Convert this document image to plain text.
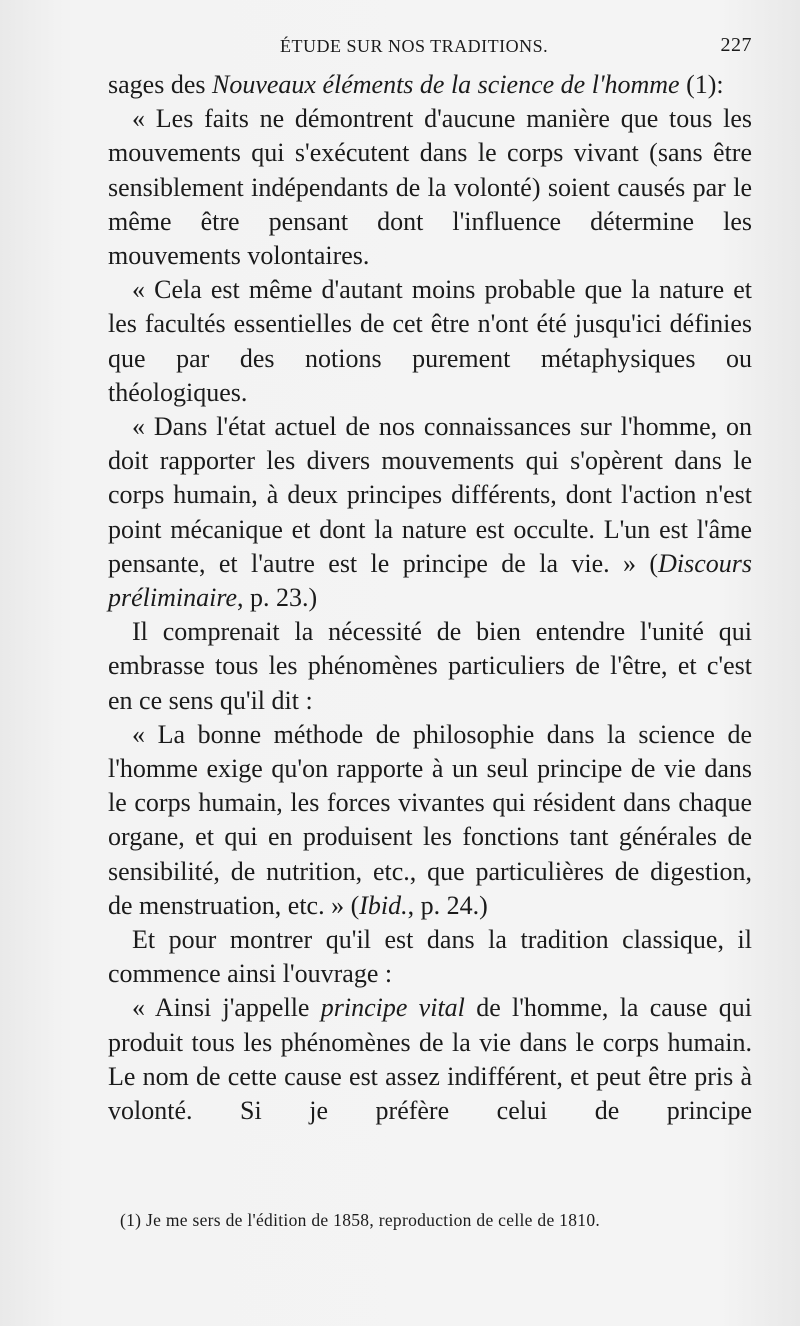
ÉTUDE SUR NOS TRADITIONS.	227

sages des Nouveaux éléments de la science de l'homme (1):

« Les faits ne démontrent d'aucune manière que tous les mouvements qui s'exécutent dans le corps vivant (sans être sensiblement indépendants de la volonté) soient causés par le même être pensant dont l'influence détermine les mouvements volontaires.

« Cela est même d'autant moins probable que la nature et les facultés essentielles de cet être n'ont été jusqu'ici définies que par des notions purement métaphysiques ou théologiques.

« Dans l'état actuel de nos connaissances sur l'homme, on doit rapporter les divers mouvements qui s'opèrent dans le corps humain, à deux principes différents, dont l'action n'est point mécanique et dont la nature est occulte. L'un est l'âme pensante, et l'autre est le principe de la vie. » (Discours préliminaire, p. 23.)

Il comprenait la nécessité de bien entendre l'unité qui embrasse tous les phénomènes particuliers de l'être, et c'est en ce sens qu'il dit :

« La bonne méthode de philosophie dans la science de l'homme exige qu'on rapporte à un seul principe de vie dans le corps humain, les forces vivantes qui résident dans chaque organe, et qui en produisent les fonctions tant générales de sensibilité, de nutrition, etc., que particulières de digestion, de menstruation, etc. » (Ibid., p. 24.)

Et pour montrer qu'il est dans la tradition classique, il commence ainsi l'ouvrage :

« Ainsi j'appelle principe vital de l'homme, la cause qui produit tous les phénomènes de la vie dans le corps humain. Le nom de cette cause est assez indifférent, et peut être pris à volonté. Si je préfère celui de principe

(1) Je me sers de l'édition de 1858, reproduction de celle de 1810.
